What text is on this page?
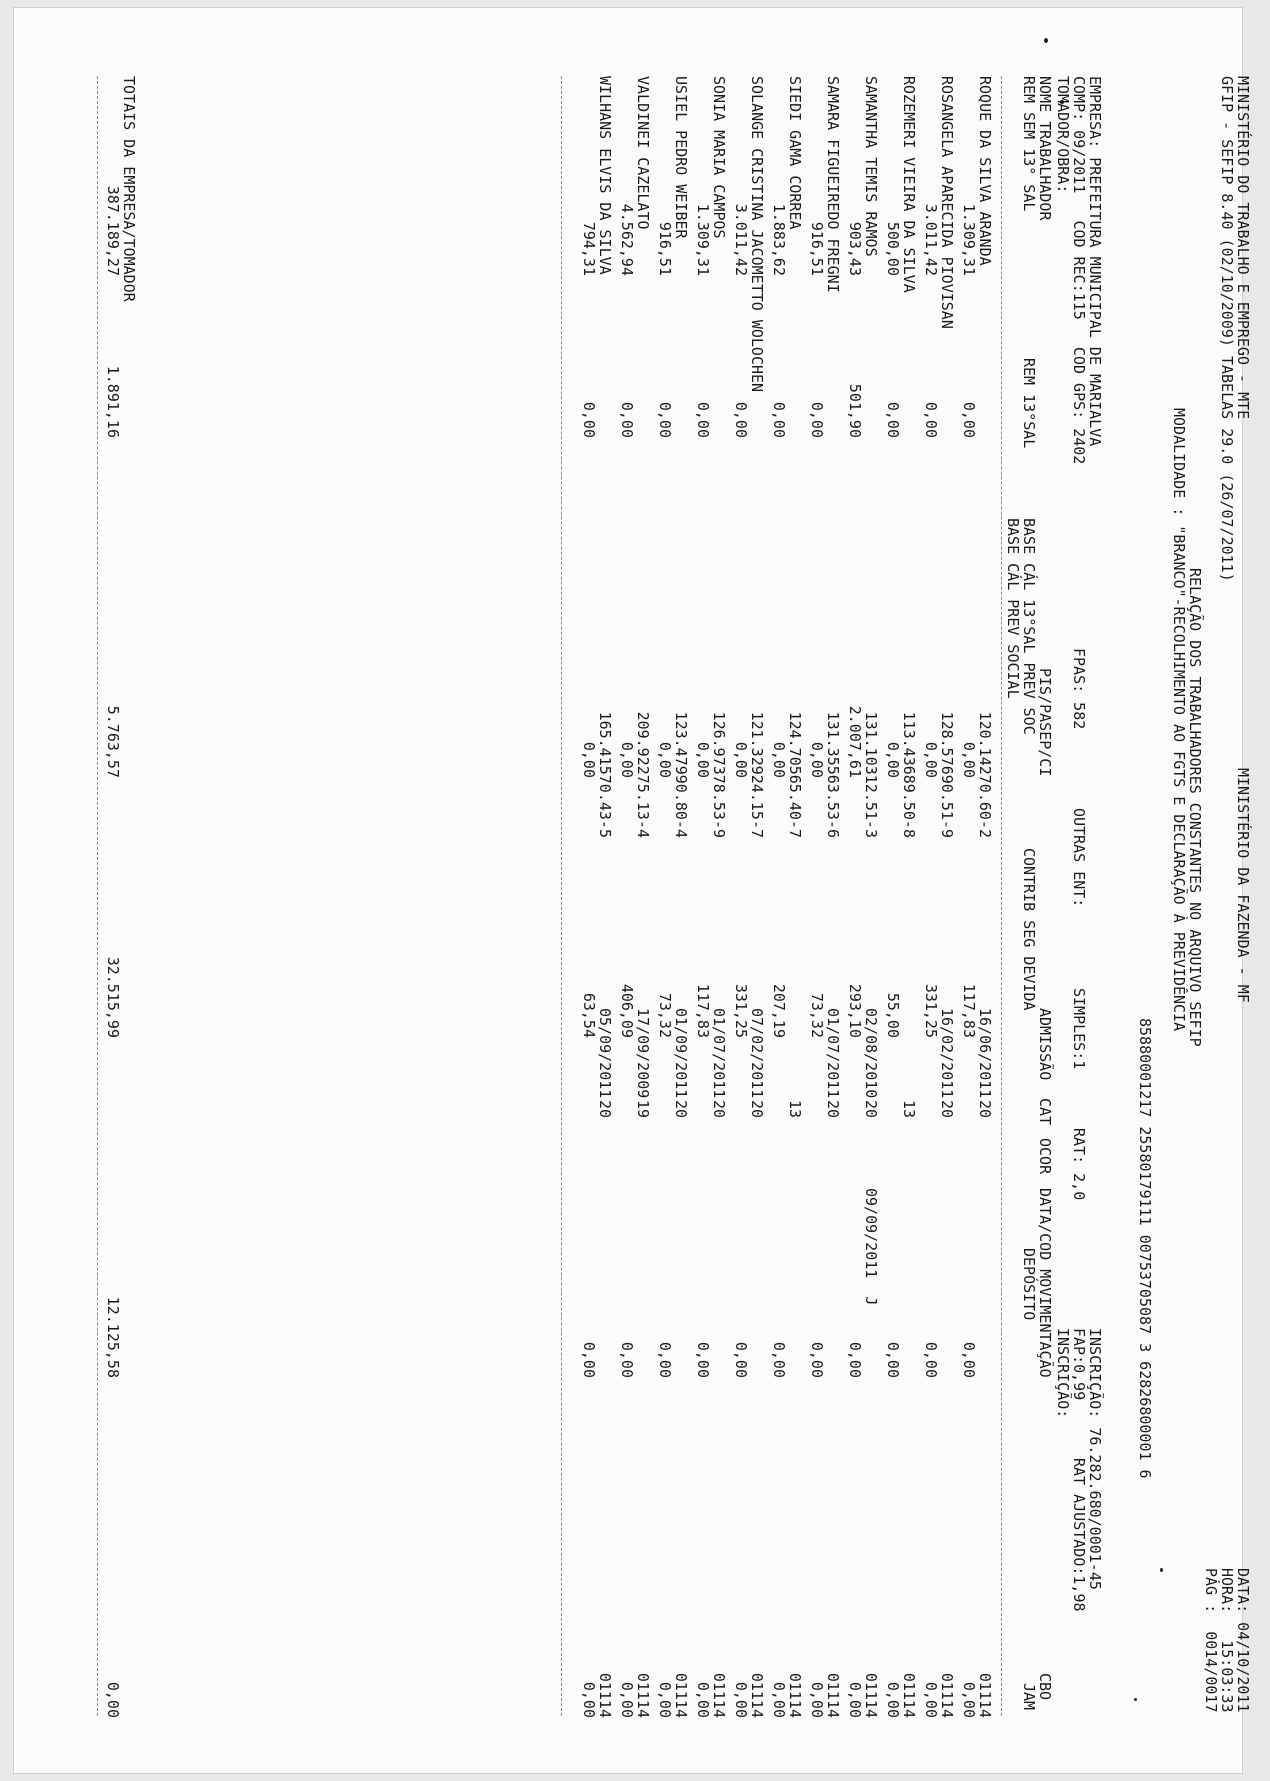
MINISTÉRIO DO TRABALHO E EMPREGO - MTE
MINISTÉRIO DA FAZENDA - MF
DATA: 04/10/2011
GFIP - SEFIP 8.40 (02/10/2009) TABELAS 29.0 (26/07/2011)
HORA:   15:03:33
PÁG :  0014/0017
RELAÇÃO DOS TRABALHADORES CONSTANTES NO ARQUIVO SEFIP
MODALIDADE : "BRANCO"-RECOLHIMENTO AO FGTS E DECLARAÇÃO À PREVIDÊNCIA
85880001217 25580179111 00753705087 3 62826800001 6
EMPRESA: PREFEITURA MUNICIPAL DE MARIALVA
INSCRIÇÃO: 76.282.680/0001-45
COMP: 09/2011   COD REC:115   COD GPS: 2402
FPAS: 582
OUTRAS ENT:
SIMPLES:1
RAT: 2,0
FAP:0,99
RAT AJUSTADO:1,98
TOMADOR/OBRA:
INSCRIÇÃO:
NOME TRABALHADOR
PIS/PASEP/CI
ADMISSÃO
CAT
OCOR
DATA/COD MOVIMENTAÇÃO
CBO
REM SEM 13° SAL
REM 13°SAL
BASE CÁL 13°SAL PREV SOC
CONTRIB SEG DEVIDA
DEPÓSITO
JAM
BASE CÁL PREV SOCIAL
ROQUE DA SILVA ARANDA
120.14270.60-2
16/06/2011
20
01114
1.309,31
0,00
0,00
117,83
0,00
0,00
ROSANGELA APARECIDA PIOVISAN
128.57690.51-9
16/02/2011
20
01114
3.011,42
0,00
0,00
331,25
0,00
0,00
ROZEMERI VIEIRA DA SILVA
113.43689.50-8
13
01114
500,00
0,00
0,00
55,00
0,00
0,00
SAMANTHA TEMIS RAMOS
131.10312.51-3
02/08/2010
20
09/09/2011  J
01114
903,43
501,90
2.007,61
293,10
0,00
0,00
SAMARA FIGUEIREDO FREGNI
131.35563.53-6
01/07/2011
20
01114
916,51
0,00
0,00
73,32
0,00
0,00
SIEDI GAMA CORREA
124.70565.40-7
13
01114
1.883,62
0,00
0,00
207,19
0,00
0,00
SOLANGE CRISTINA JACOMETTO WOLOCHEN
121.32924.15-7
07/02/2011
20
01114
3.011,42
0,00
0,00
331,25
0,00
0,00
SONIA MARIA CAMPOS
126.97378.53-9
01/07/2011
20
01114
1.309,31
0,00
0,00
117,83
0,00
0,00
USIEL PEDRO WEIBER
123.47990.80-4
01/09/2011
20
01114
916,51
0,00
0,00
73,32
0,00
0,00
VALDINEI CAZELATO
209.92275.13-4
17/09/2009
19
01114
4.562,94
0,00
0,00
406,09
0,00
0,00
WILHANS ELVIS DA SILVA
165.41570.43-5
05/09/2011
20
01114
794,31
0,00
0,00
63,54
0,00
0,00
TOTAIS DA EMPRESA/TOMADOR
387.189,27
1.891,16
5.763,57
32.515,99
12.125,58
0,00
